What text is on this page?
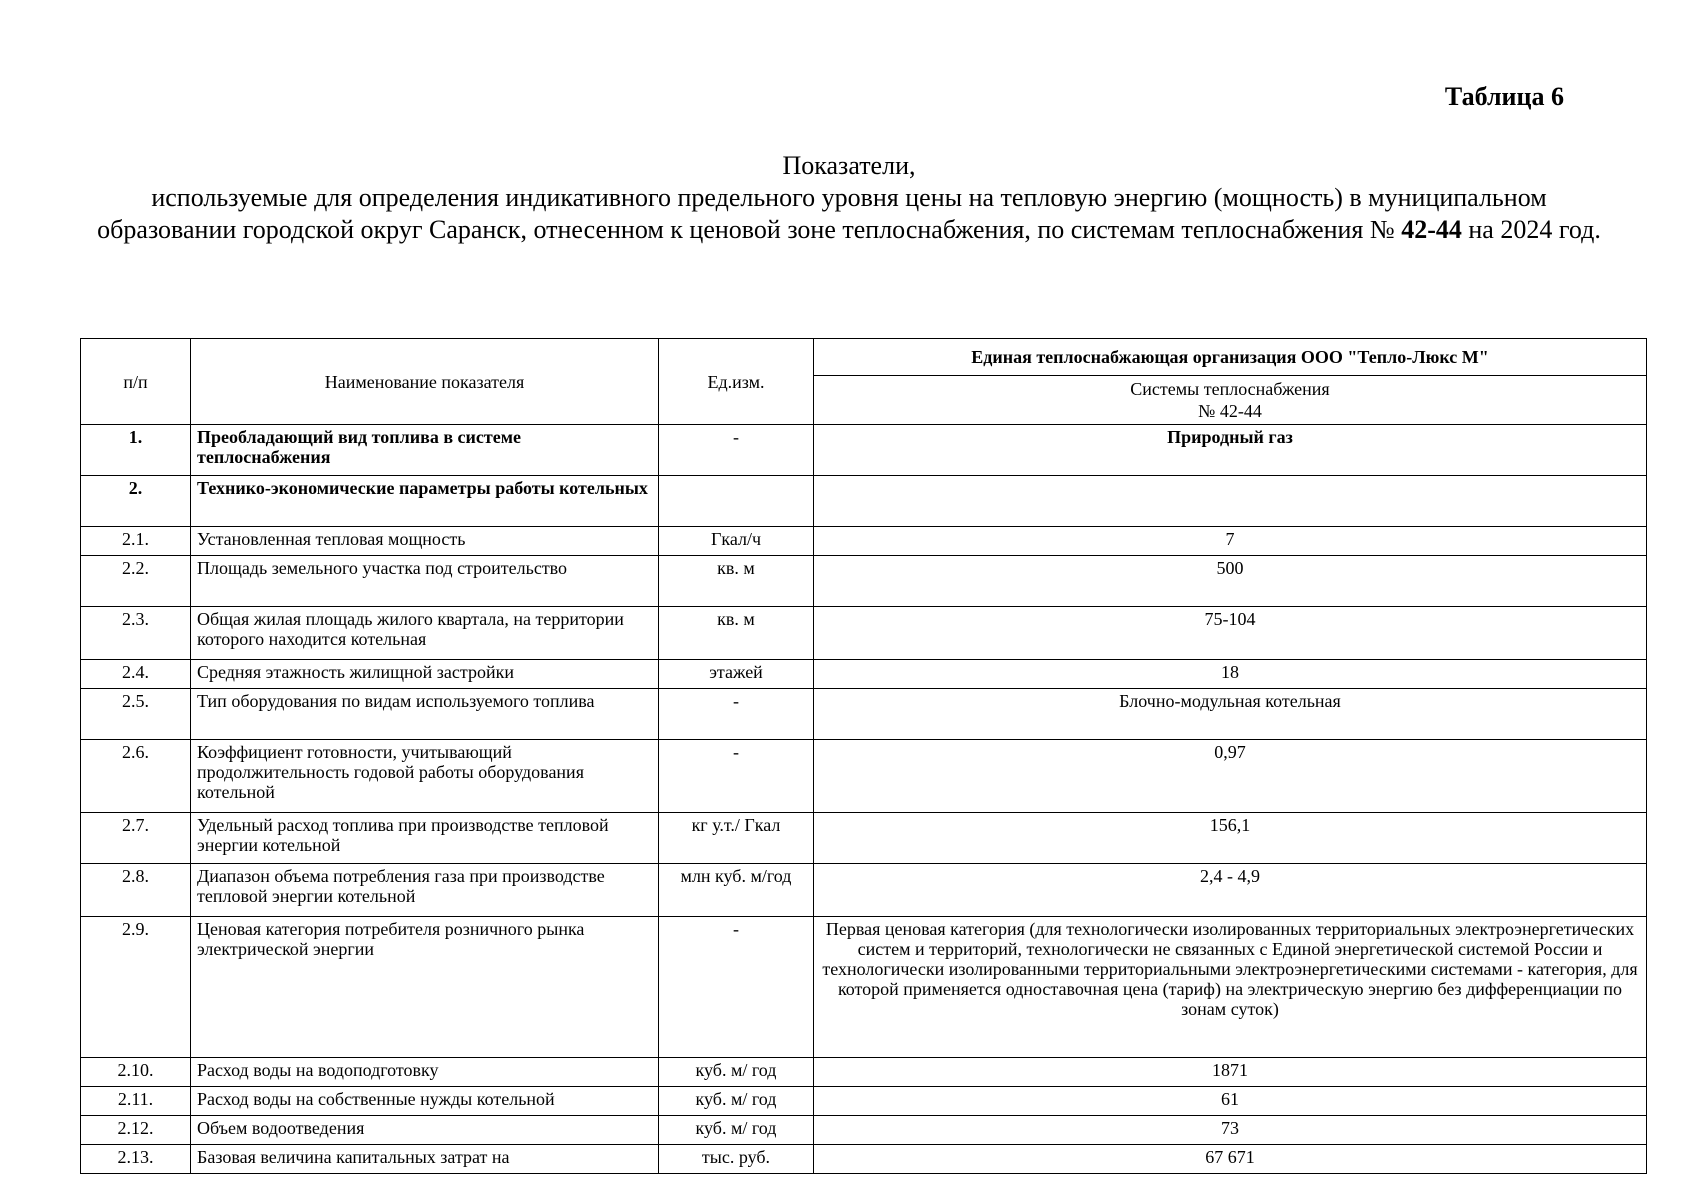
Таблица 6
Показатели,
используемые для определения индикативного предельного уровня цены на тепловую энергию (мощность) в муниципальном образовании городской округ Саранск, отнесенном к ценовой зоне теплоснабжения, по системам теплоснабжения № 42-44 на 2024 год.
п/п	Наименование показателя	Ед.изм.	Единая теплоснабжающая организация ООО "Тепло-Люкс М"
			Системы теплоснабжения
№ 42-44
1.	Преобладающий вид топлива в системе теплоснабжения	-	Природный газ
2.	Технико-экономические параметры работы котельных		
2.1.	Установленная тепловая мощность	Гкал/ч	7
2.2.	Площадь земельного участка под строительство	кв. м	500
2.3.	Общая жилая площадь жилого квартала, на территории которого находится котельная	кв. м	75-104
2.4.	Средняя этажность жилищной застройки	этажей	18
2.5.	Тип оборудования по видам используемого топлива	-	Блочно-модульная котельная
2.6.	Коэффициент готовности, учитывающий продолжительность годовой работы оборудования котельной	-	0,97
2.7.	Удельный расход топлива при производстве тепловой энергии котельной	кг у.т./ Гкал	156,1
2.8.	Диапазон объема потребления газа при производстве тепловой энергии котельной	млн куб. м/год	2,4 - 4,9
2.9.	Ценовая категория потребителя розничного рынка электрической энергии	-	Первая ценовая категория (для технологически изолированных территориальных электроэнергетических систем и территорий, технологически не связанных с Единой энергетической системой России и технологически изолированными территориальными электроэнергетическими системами - категория, для которой применяется одноставочная цена (тариф) на электрическую энергию без дифференциации по зонам суток)
2.10.	Расход воды на водоподготовку	куб. м/ год	1871
2.11.	Расход воды на собственные нужды котельной	куб. м/ год	61
2.12.	Объем водоотведения	куб. м/ год	73
2.13.	Базовая величина капитальных затрат на	тыс. руб.	67 671
